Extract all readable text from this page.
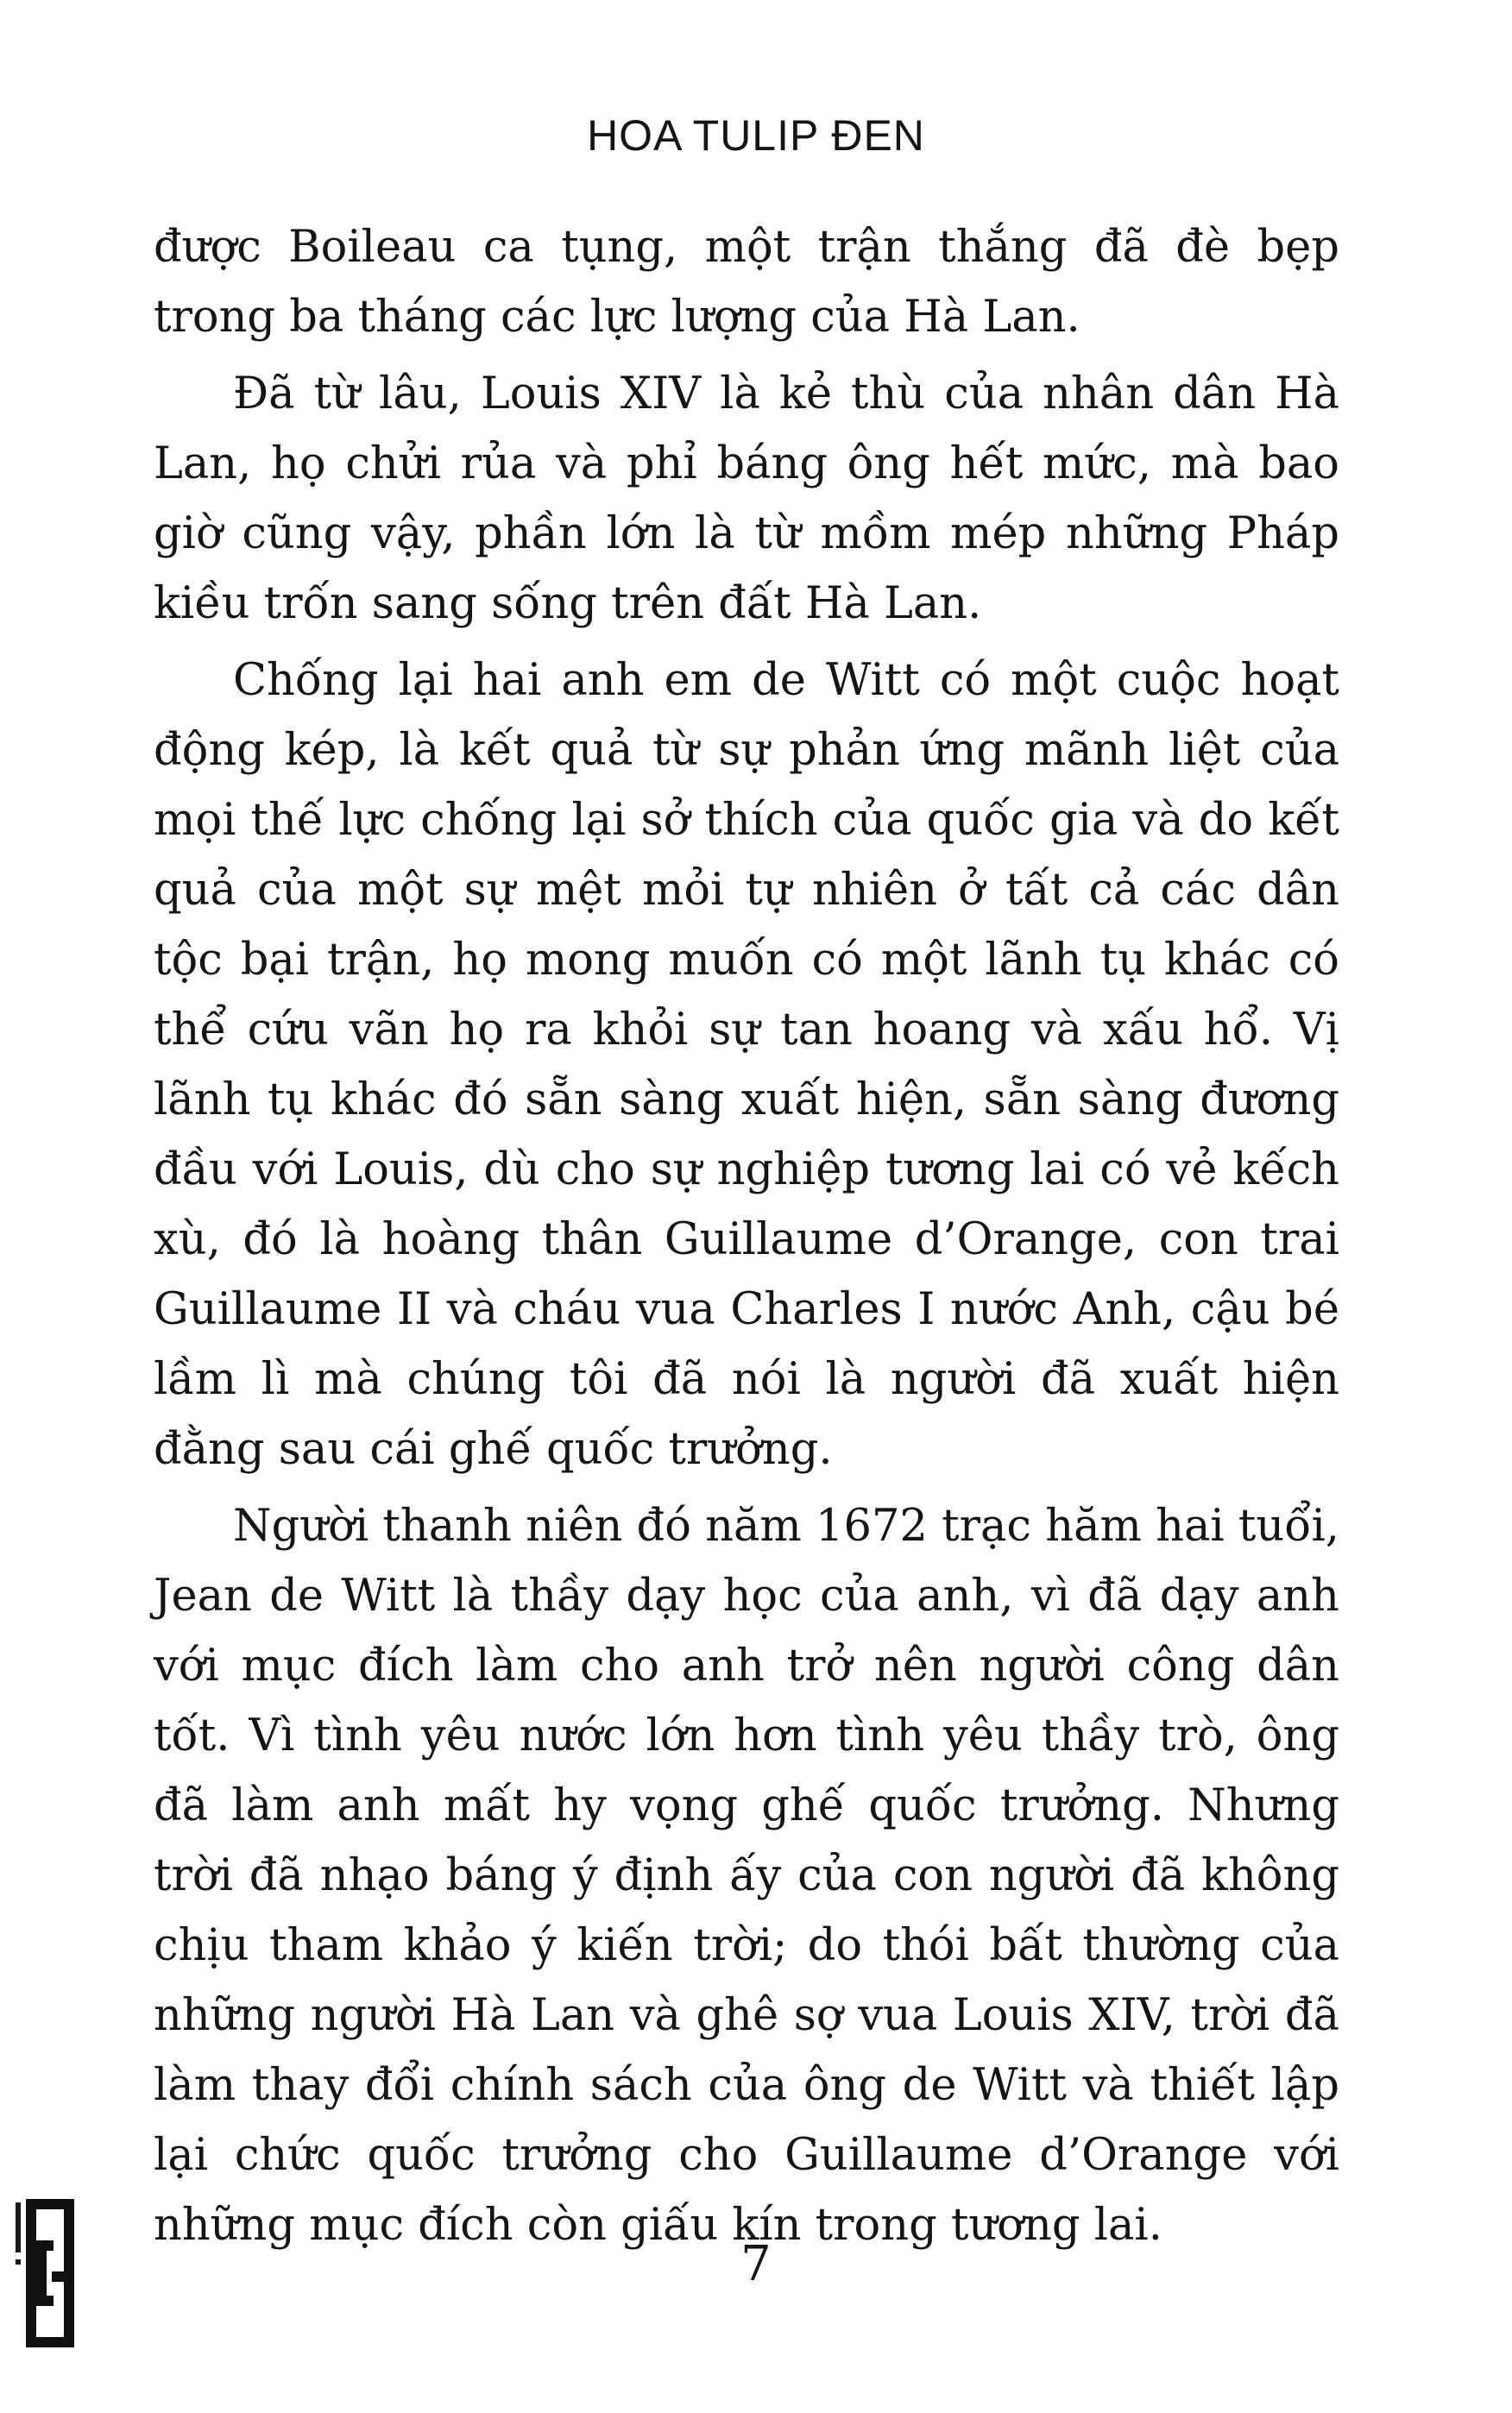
HOA TULIP ĐEN

được Boileau ca tụng, một trận thắng đã đè bẹp trong ba tháng các lực lượng của Hà Lan.

Đã từ lâu, Louis XIV là kẻ thù của nhân dân Hà Lan, họ chửi rủa và phỉ báng ông hết mức, mà bao giờ cũng vậy, phần lớn là từ mồm mép những Pháp kiều trốn sang sống trên đất Hà Lan.

Chống lại hai anh em de Witt có một cuộc hoạt động kép, là kết quả từ sự phản ứng mãnh liệt của mọi thế lực chống lại sở thích của quốc gia và do kết quả của một sự mệt mỏi tự nhiên ở tất cả các dân tộc bại trận, họ mong muốn có một lãnh tụ khác có thể cứu vãn họ ra khỏi sự tan hoang và xấu hổ. Vị lãnh tụ khác đó sẵn sàng xuất hiện, sẵn sàng đương đầu với Louis, dù cho sự nghiệp tương lai có vẻ kếch xù, đó là hoàng thân Guillaume d’Orange, con trai Guillaume II và cháu vua Charles I nước Anh, cậu bé lầm lì mà chúng tôi đã nói là người đã xuất hiện đằng sau cái ghế quốc trưởng.

Người thanh niên đó năm 1672 trạc hăm hai tuổi, Jean de Witt là thầy dạy học của anh, vì đã dạy anh với mục đích làm cho anh trở nên người công dân tốt. Vì tình yêu nước lớn hơn tình yêu thầy trò, ông đã làm anh mất hy vọng ghế quốc trưởng. Nhưng trời đã nhạo báng ý định ấy của con người đã không chịu tham khảo ý kiến trời; do thói bất thường của những người Hà Lan và ghê sợ vua Louis XIV, trời đã làm thay đổi chính sách của ông de Witt và thiết lập lại chức quốc trưởng cho Guillaume d’Orange với những mục đích còn giấu kín trong tương lai.

7
